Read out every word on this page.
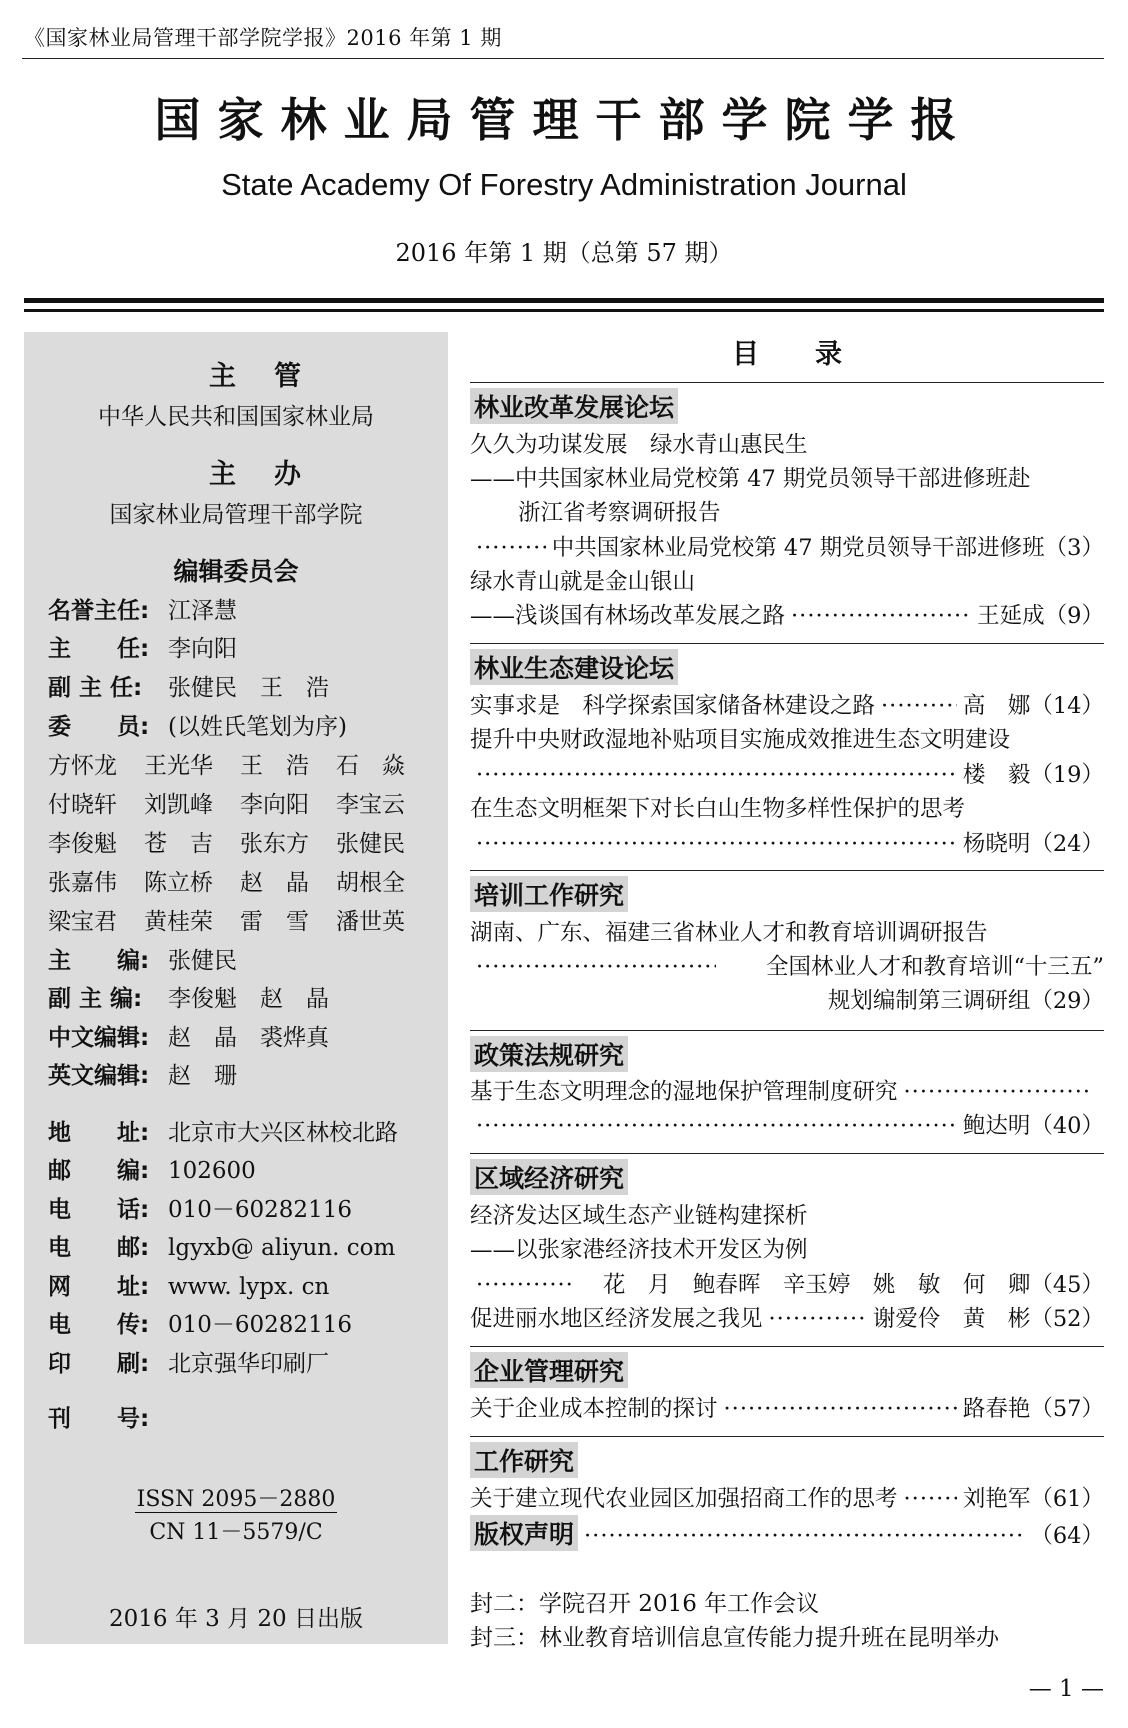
《国家林业局管理干部学院学报》2016 年第 1 期
国家林业局管理干部学院学报
State Academy Of Forestry Administration Journal
2016 年第 1 期（总第 57 期）
主管
中华人民共和国国家林业局
主办
国家林业局管理干部学院
编辑委员会
名誉主任: 江泽慧
主　　任: 李向阳
副 主 任: 张健民　王　浩
委　　员: (以姓氏笔划为序)
方怀龙 王光华 王　浩 石　焱
付晓轩 刘凯峰 李向阳 李宝云
李俊魁 苍　吉 张东方 张健民
张嘉伟 陈立桥 赵　晶 胡根全
梁宝君 黄桂荣 雷　雪 潘世英
主　　编: 张健民
副 主 编: 李俊魁　赵　晶
中文编辑: 赵　晶　裘烨真
英文编辑: 赵　珊
地　　址: 北京市大兴区林校北路
邮　　编: 102600
电　　话: 010－60282116
电　　邮: lgyxb@ aliyun. com
网　　址: www. lypx. cn
电　　传: 010－60282116
印　　刷: 北京强华印刷厂
刊　　号:
ISSN 2095－2880
CN 11－5579/C
2016 年 3 月 20 日出版
目录
林业改革发展论坛
久久为功谋发展　绿水青山惠民生
——中共国家林业局党校第 47 期党员领导干部进修班赴
浙江省考察调研报告
·····
中共国家林业局党校第 47 期党员领导干部进修班（3）
绿水青山就是金山银山
——浅谈国有林场改革发展之路 ·····	王延成（9）
林业生态建设论坛
实事求是　科学探索国家储备林建设之路 ·····	高　娜（14）
提升中央财政湿地补贴项目实施成效推进生态文明建设
·····
楼　毅（19）
在生态文明框架下对长白山生物多样性保护的思考
·····
杨晓明（24）
培训工作研究
湖南、广东、福建三省林业人才和教育培训调研报告
·····
全国林业人才和教育培训“十三五”
规划编制第三调研组（29）
政策法规研究
基于生态文明理念的湿地保护管理制度研究
·····
·····
鲍达明（40）
区域经济研究
经济发达区域生态产业链构建探析
——以张家港经济技术开发区为例
·····
花　月　鲍春晖　辛玉婷　姚　敏　何　卿（45）
促进丽水地区经济发展之我见 ·····	谢爱伶　黄　彬（52）
企业管理研究
关于企业成本控制的探讨 ·····	路春艳（57）
工作研究
关于建立现代农业园区加强招商工作的思考 ·····	刘艳军（61）
版权声明 ·····	（64）
封二：学院召开 2016 年工作会议
封三：林业教育培训信息宣传能力提升班在昆明举办
— 1 —
